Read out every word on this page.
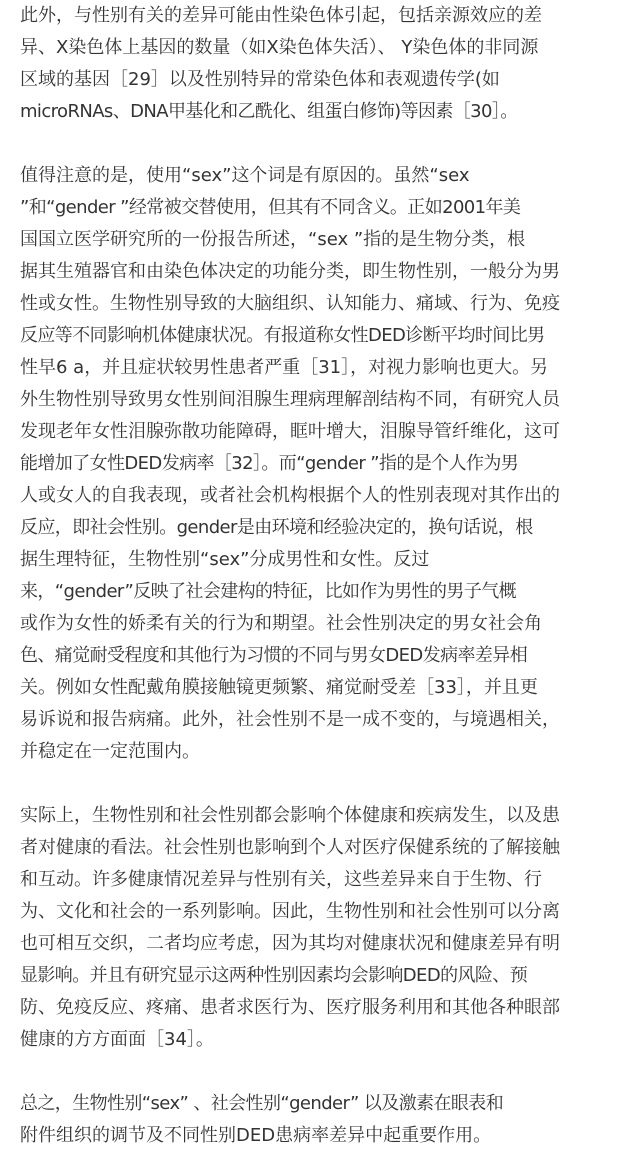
此外，与性别有关的差异可能由性染色体引起，包括亲源效应的差
异、X染色体上基因的数量（如X染色体失活）、 Y染色体的非同源
区域的基因［29］以及性别特异的常染色体和表观遗传学(如
microRNAs、DNA甲基化和乙酰化、组蛋白修饰)等因素［30］。
值得注意的是，使用“sex”这个词是有原因的。虽然“sex
”和“gender ”经常被交替使用，但其有不同含义。正如2001年美
国国立医学研究所的一份报告所述，“sex ”指的是生物分类，根
据其生殖器官和由染色体决定的功能分类，即生物性别，一般分为男
性或女性。生物性别导致的大脑组织、认知能力、痛域、行为、免疫
反应等不同影响机体健康状况。有报道称女性DED诊断平均时间比男
性早6 a，并且症状较男性患者严重［31］，对视力影响也更大。另
外生物性别导致男女性别间泪腺生理病理解剖结构不同，有研究人员
发现老年女性泪腺弥散功能障碍，眶叶增大，泪腺导管纤维化，这可
能增加了女性DED发病率［32］。而“gender ”指的是个人作为男
人或女人的自我表现，或者社会机构根据个人的性别表现对其作出的
反应，即社会性别。gender是由环境和经验决定的，换句话说，根
据生理特征，生物性别“sex”分成男性和女性。反过
来，“gender”反映了社会建构的特征，比如作为男性的男子气概
或作为女性的娇柔有关的行为和期望。社会性别决定的男女社会角
色、痛觉耐受程度和其他行为习惯的不同与男女DED发病率差异相
关。例如女性配戴角膜接触镜更频繁、痛觉耐受差［33］，并且更
易诉说和报告病痛。此外，社会性别不是一成不变的，与境遇相关，
并稳定在一定范围内。
实际上，生物性别和社会性别都会影响个体健康和疾病发生，以及患
者对健康的看法。社会性别也影响到个人对医疗保健系统的了解接触
和互动。许多健康情况差异与性别有关，这些差异来自于生物、行
为、文化和社会的一系列影响。因此，生物性别和社会性别可以分离
也可相互交织，二者均应考虑，因为其均对健康状况和健康差异有明
显影响。并且有研究显示这两种性别因素均会影响DED的风险、预
防、免疫反应、疼痛、患者求医行为、医疗服务利用和其他各种眼部
健康的方方面面［34］。
总之，生物性别“sex” 、社会性别“gender” 以及激素在眼表和
附件组织的调节及不同性别DED患病率差异中起重要作用。
